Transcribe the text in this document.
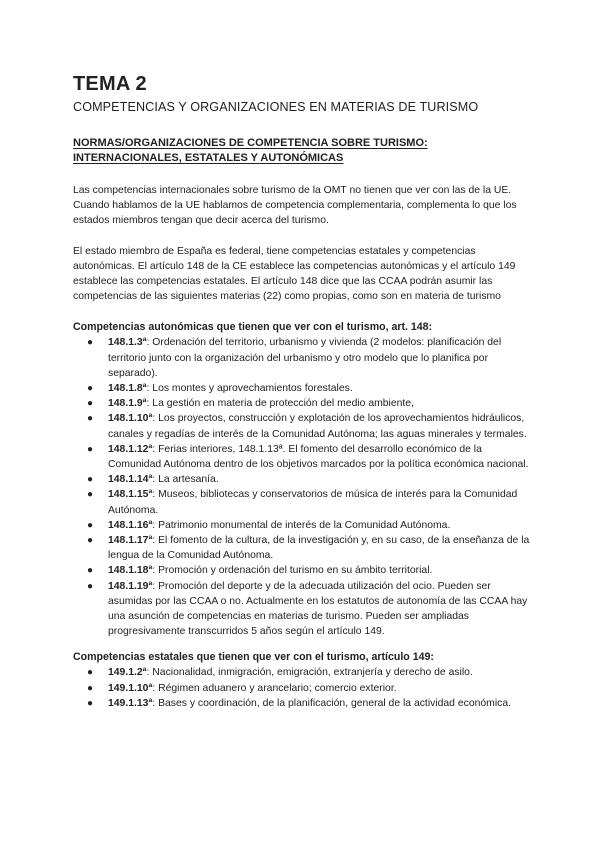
TEMA 2
COMPETENCIAS Y ORGANIZACIONES EN MATERIAS DE TURISMO
NORMAS/ORGANIZACIONES DE COMPETENCIA SOBRE TURISMO: INTERNACIONALES, ESTATALES Y AUTONÓMICAS

Las competencias internacionales sobre turismo de la OMT no tienen que ver con las de la UE. Cuando hablamos de la UE hablamos de competencia complementaria, complementa lo que los estados miembros tengan que decir acerca del turismo.

El estado miembro de España es federal, tiene competencias estatales y competencias autonómicas. El artículo 148 de la CE establece las competencias autonómicas y el artículo 149 establece las competencias estatales. El artículo 148 dice que las CCAA podrán asumir las competencias de las siguientes materias (22) como propias, como son en materia de turismo

Competencias autonómicas que tienen que ver con el turismo, art. 148:
● 148.1.3ª: Ordenación del territorio, urbanismo y vivienda (2 modelos: planificación del territorio junto con la organización del urbanismo y otro modelo que lo planifica por separado).
● 148.1.8ª: Los montes y aprovechamientos forestales.
● 148.1.9ª: La gestión en materia de protección del medio ambiente,
● 148.1.10ª: Los proyectos, construcción y explotación de los aprovechamientos hidráulicos, canales y regadías de interés de la Comunidad Autónoma; las aguas minerales y termales.
● 148.1.12ª: Ferias interiores, 148.1.13ª. El fomento del desarrollo económico de la Comunidad Autónoma dentro de los objetivos marcados por la política económica nacional.
● 148.1.14ª: La artesanía.
● 148.1.15ª: Museos, bibliotecas y conservatorios de música de interés para la Comunidad Autónoma.
● 148.1.16ª: Patrimonio monumental de interés de la Comunidad Autónoma.
● 148.1.17ª: El fomento de la cultura, de la investigación y, en su caso, de la enseñanza de la lengua de la Comunidad Autónoma.
● 148.1.18ª: Promoción y ordenación del turismo en su ámbito territorial.
● 148.1.19ª: Promoción del deporte y de la adecuada utilización del ocio. Pueden ser asumidas por las CCAA o no. Actualmente en los estatutos de autonomía de las CCAA hay una asunción de competencias en materias de turismo. Pueden ser ampliadas progresivamente transcurridos 5 años según el artículo 149.
Competencias estatales que tienen que ver con el turismo, artículo 149:
● 149.1.2ª: Nacionalidad, inmigración, emigración, extranjería y derecho de asilo.
● 149.1.10ª: Régimen aduanero y arancelario; comercio exterior.
● 149.1.13ª: Bases y coordinación, de la planificación, general de la actividad económica.
